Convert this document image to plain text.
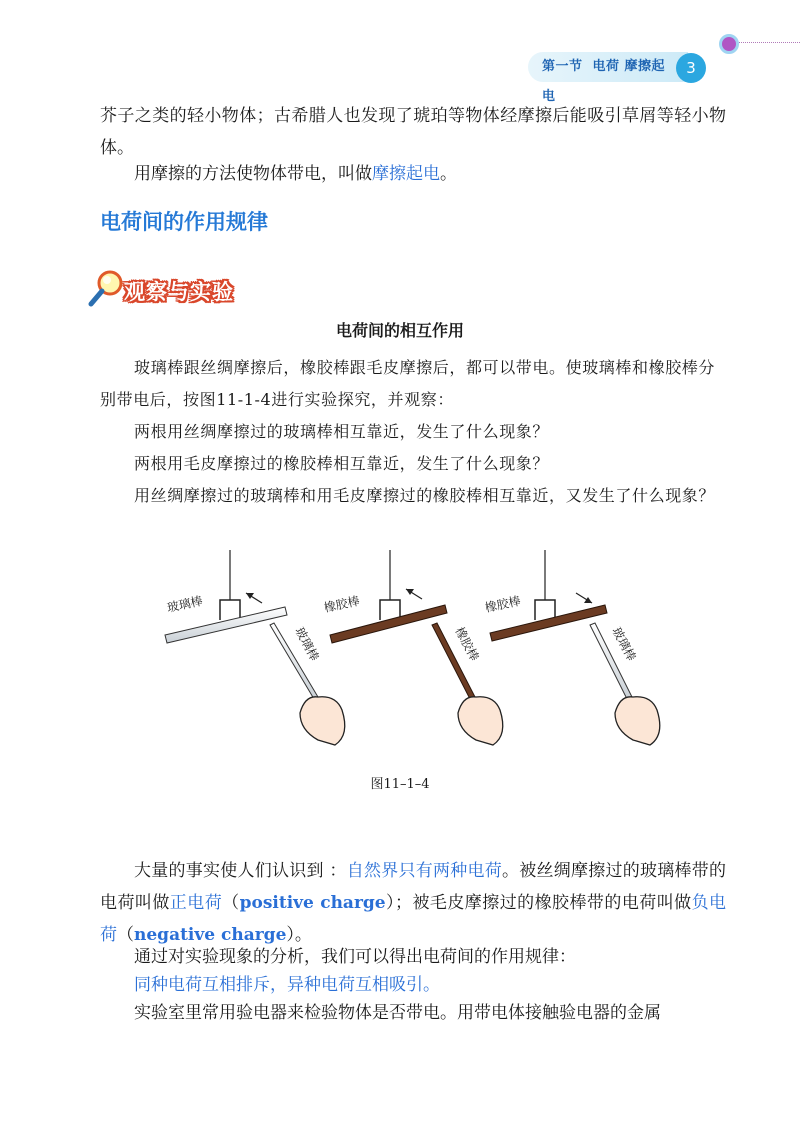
第一节 电荷 摩擦起电
3
芥子之类的轻小物体；古希腊人也发现了琥珀等物体经摩擦后能吸引草屑等轻小物体。
用摩擦的方法使物体带电，叫做摩擦起电。
电荷间的作用规律
观察与实验
电荷间的相互作用
玻璃棒跟丝绸摩擦后，橡胶棒跟毛皮摩擦后，都可以带电。使玻璃棒和橡胶棒分别带电后，按图11-1-4进行实验探究，并观察：
两根用丝绸摩擦过的玻璃棒相互靠近，发生了什么现象？
两根用毛皮摩擦过的橡胶棒相互靠近，发生了什么现象？
用丝绸摩擦过的玻璃棒和用毛皮摩擦过的橡胶棒相互靠近，又发生了什么现象？
玻璃棒
玻璃棒
橡胶棒
橡胶棒
橡胶棒
玻璃棒
图11–1–4
大量的事实使人们认识到 ：自然界只有两种电荷。被丝绸摩擦过的玻璃棒带的电荷叫做正电荷（positive charge）；被毛皮摩擦过的橡胶棒带的电荷叫做负电荷（negative charge）。
通过对实验现象的分析，我们可以得出电荷间的作用规律：
同种电荷互相排斥，异种电荷互相吸引。
实验室里常用验电器来检验物体是否带电。用带电体接触验电器的金属
